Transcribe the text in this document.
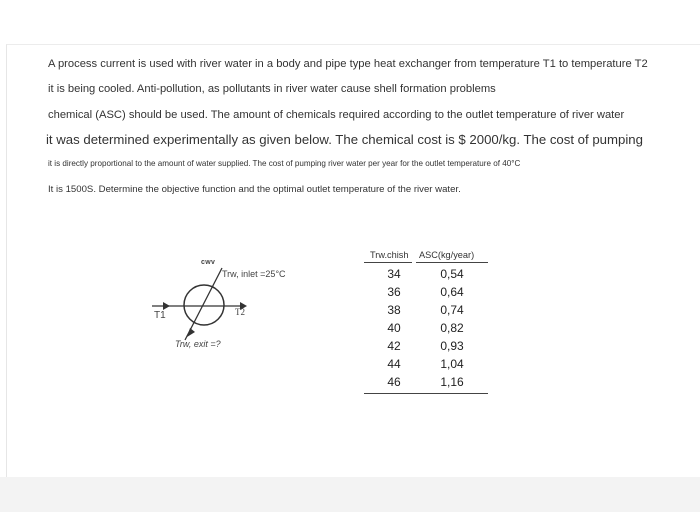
A process current is used with river water in a body and pipe type heat exchanger from temperature T1 to temperature T2
it is being cooled. Anti-pollution, as pollutants in river water cause shell formation problems
chemical (ASC) should be used. The amount of chemicals required according to the outlet temperature of river water
it was determined experimentally as given below. The chemical cost is $ 2000/kg. The cost of pumping
it is directly proportional to the amount of water supplied. The cost of pumping river water per year for the outlet temperature of 40°C
It is 1500S. Determine the objective function and the optimal outlet temperature of the river water.
cwv
Trw, inlet =25°C
T1	T2
Trw, exit =?
Trw.chish ASC(kg/year)
34	0,54
36	0,64
38	0,74
40	0,82
42	0,93
44	1,04
46	1,16
